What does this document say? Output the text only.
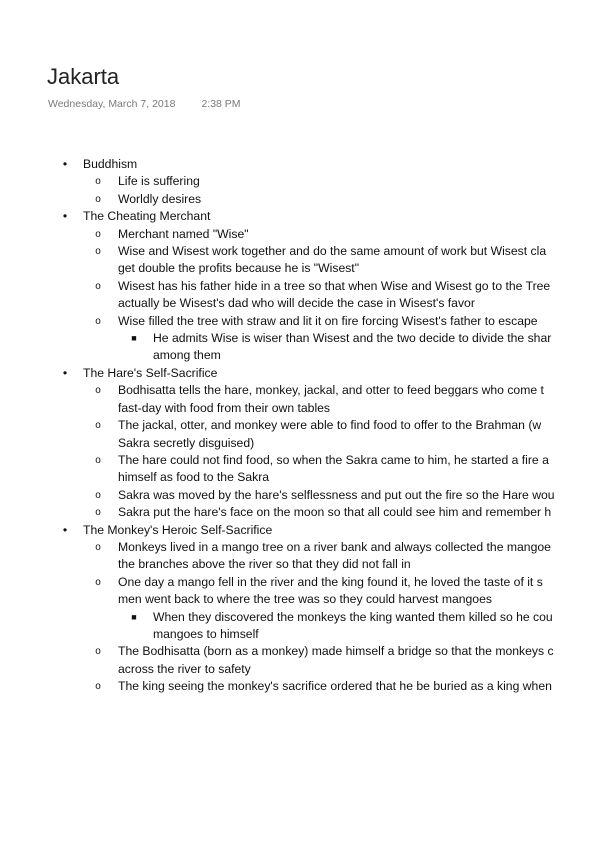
Jakarta
Wednesday, March 7, 2018 2:38 PM
• Buddhism
o Life is suffering
o Worldly desires
• The Cheating Merchant
o Merchant named "Wise"
o Wise and Wisest work together and do the same amount of work but Wisest cla
get double the profits because he is "Wisest"
o Wisest has his father hide in a tree so that when Wise and Wisest go to the Tree
actually be Wisest's dad who will decide the case in Wisest's favor
o Wise filled the tree with straw and lit it on fire forcing Wisest's father to escape
■ He admits Wise is wiser than Wisest and the two decide to divide the shar
among them
• The Hare's Self-Sacrifice
o Bodhisatta tells the hare, monkey, jackal, and otter to feed beggars who come t
fast-day with food from their own tables
o The jackal, otter, and monkey were able to find food to offer to the Brahman (w
Sakra secretly disguised)
o The hare could not find food, so when the Sakra came to him, he started a fire a
himself as food to the Sakra
o Sakra was moved by the hare's selflessness and put out the fire so the Hare wou
o Sakra put the hare's face on the moon so that all could see him and remember h
• The Monkey's Heroic Self-Sacrifice
o Monkeys lived in a mango tree on a river bank and always collected the mangoe
the branches above the river so that they did not fall in
o One day a mango fell in the river and the king found it, he loved the taste of it s
men went back to where the tree was so they could harvest mangoes
■ When they discovered the monkeys the king wanted them killed so he cou
mangoes to himself
o The Bodhisatta (born as a monkey) made himself a bridge so that the monkeys c
across the river to safety
o The king seeing the monkey's sacrifice ordered that he be buried as a king when
